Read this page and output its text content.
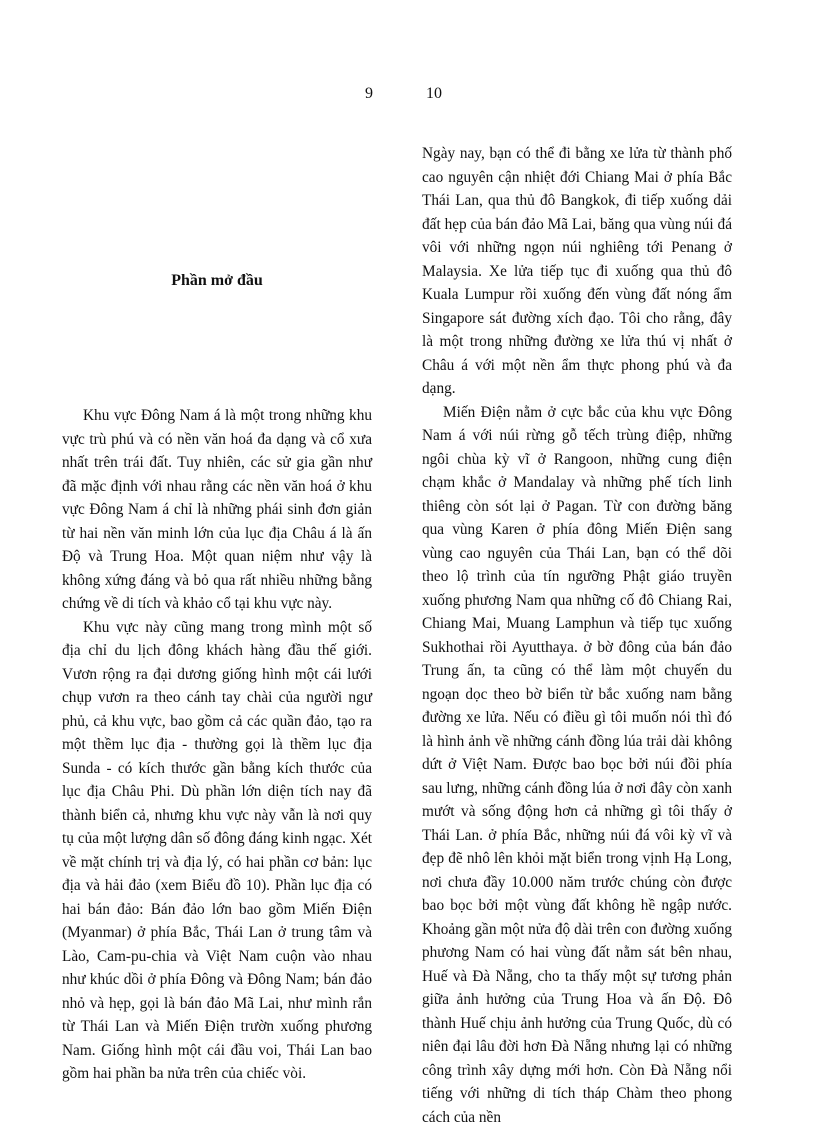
9	10
Phần mở đầu

Khu vực Đông Nam á là một trong những khu vực trù phú và có nền văn hoá đa dạng và cổ xưa nhất trên trái đất. Tuy nhiên, các sử gia gần như đã mặc định với nhau rằng các nền văn hoá ở khu vực Đông Nam á chỉ là những phái sinh đơn giản từ hai nền văn minh lớn của lục địa Châu á là ấn Độ và Trung Hoa. Một quan niệm như vậy là không xứng đáng và bỏ qua rất nhiều những bằng chứng về di tích và khảo cổ tại khu vực này.

Khu vực này cũng mang trong mình một số địa chỉ du lịch đông khách hàng đầu thế giới. Vươn rộng ra đại dương giống hình một cái lưới chụp vươn ra theo cánh tay chài của người ngư phủ, cả khu vực, bao gồm cả các quần đảo, tạo ra một thềm lục địa - thường gọi là thềm lục địa Sunda - có kích thước gần bằng kích thước của lục địa Châu Phi. Dù phần lớn diện tích nay đã thành biển cả, nhưng khu vực này vẫn là nơi quy tụ của một lượng dân số đông đáng kinh ngạc. Xét về mặt chính trị và địa lý, có hai phần cơ bản: lục địa và hải đảo (xem Biểu đồ 10). Phần lục địa có hai bán đảo: Bán đảo lớn bao gồm Miến Điện (Myanmar) ở phía Bắc, Thái Lan ở trung tâm và Lào, Cam-pu-chia và Việt Nam cuộn vào nhau như khúc dồi ở phía Đông và Đông Nam; bán đảo nhỏ và hẹp, gọi là bán đảo Mã Lai, như mình rắn từ Thái Lan và Miến Điện trườn xuống phương Nam. Giống hình một cái đầu voi, Thái Lan bao gồm hai phần ba nửa trên của chiếc vòi.

Ngày nay, bạn có thể đi bằng xe lửa từ thành phố cao nguyên cận nhiệt đới Chiang Mai ở phía Bắc Thái Lan, qua thủ đô Bangkok, đi tiếp xuống dải đất hẹp của bán đảo Mã Lai, băng qua vùng núi đá vôi với những ngọn núi nghiêng tới Penang ở Malaysia. Xe lửa tiếp tục đi xuống qua thủ đô Kuala Lumpur rồi xuống đến vùng đất nóng ẩm Singapore sát đường xích đạo. Tôi cho rằng, đây là một trong những đường xe lửa thú vị nhất ở Châu á với một nền ẩm thực phong phú và đa dạng.

Miến Điện nằm ở cực bắc của khu vực Đông Nam á với núi rừng gỗ tếch trùng điệp, những ngôi chùa kỳ vĩ ở Rangoon, những cung điện chạm khắc ở Mandalay và những phế tích linh thiêng còn sót lại ở Pagan. Từ con đường băng qua vùng Karen ở phía đông Miến Điện sang vùng cao nguyên của Thái Lan, bạn có thể dõi theo lộ trình của tín ngưỡng Phật giáo truyền xuống phương Nam qua những cố đô Chiang Rai, Chiang Mai, Muang Lamphun và tiếp tục xuống Sukhothai rồi Ayutthaya. ở bờ đông của bán đảo Trung ấn, ta cũng có thể làm một chuyến du ngoạn dọc theo bờ biển từ bắc xuống nam bằng đường xe lửa. Nếu có điều gì tôi muốn nói thì đó là hình ảnh về những cánh đồng lúa trải dài không dứt ở Việt Nam. Được bao bọc bởi núi đồi phía sau lưng, những cánh đồng lúa ở nơi đây còn xanh mướt và sống động hơn cả những gì tôi thấy ở Thái Lan. ở phía Bắc, những núi đá vôi kỳ vĩ và đẹp đẽ nhô lên khỏi mặt biển trong vịnh Hạ Long, nơi chưa đầy 10.000 năm trước chúng còn được bao bọc bởi một vùng đất không hề ngập nước. Khoảng gần một nửa độ dài trên con đường xuống phương Nam có hai vùng đất nằm sát bên nhau, Huế và Đà Nẵng, cho ta thấy một sự tương phản giữa ảnh hưởng của Trung Hoa và ấn Độ. Đô thành Huế chịu ảnh hưởng của Trung Quốc, dù có niên đại lâu đời hơn Đà Nẵng nhưng lại có những công trình xây dựng mới hơn. Còn Đà Nẵng nổi tiếng với những di tích tháp Chàm theo phong cách của nền
